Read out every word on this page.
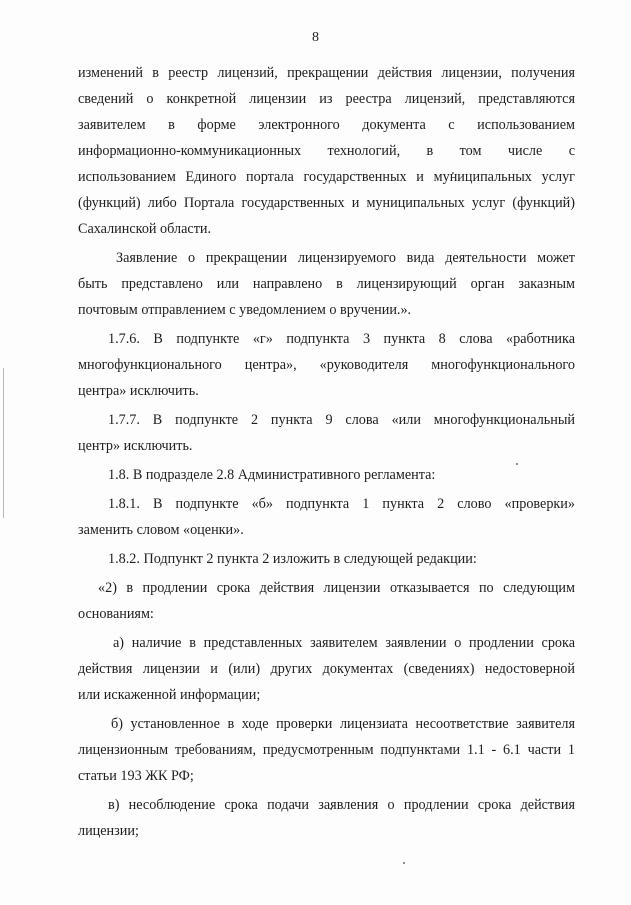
8
изменений в реестр лицензий, прекращении действия лицензии, получения
сведений о конкретной лицензии из реестра лицензий, представляются
заявителем в форме электронного документа с использованием
информационно-коммуникационных технологий, в том числе с
использованием Единого портала государственных и муниципальных услуг
(функций) либо Портала государственных и муниципальных услуг (функций)
Сахалинской области.
Заявление о прекращении лицензируемого вида деятельности может
быть представлено или направлено в лицензирующий орган заказным
почтовым отправлением с уведомлением о вручении.».
1.7.6. В подпункте «г» подпункта 3 пункта 8 слова «работника
многофункционального центра», «руководителя многофункционального
центра» исключить.
1.7.7. В подпункте 2 пункта 9 слова «или многофункциональный
центр» исключить.
1.8. В подразделе 2.8 Административного регламента:
1.8.1. В подпункте «б» подпункта 1 пункта 2 слово «проверки»
заменить словом «оценки».
1.8.2. Подпункт 2 пункта 2 изложить в следующей редакции:
«2) в продлении срока действия лицензии отказывается по следующим
основаниям:
а) наличие в представленных заявителем заявлении о продлении срока
действия лицензии и (или) других документах (сведениях) недостоверной
или искаженной информации;
б) установленное в ходе проверки лицензиата несоответствие заявителя
лицензионным требованиям, предусмотренным подпунктами 1.1 - 6.1 части 1
статьи 193 ЖК РФ;
в) несоблюдение срока подачи заявления о продлении срока действия
лицензии;
